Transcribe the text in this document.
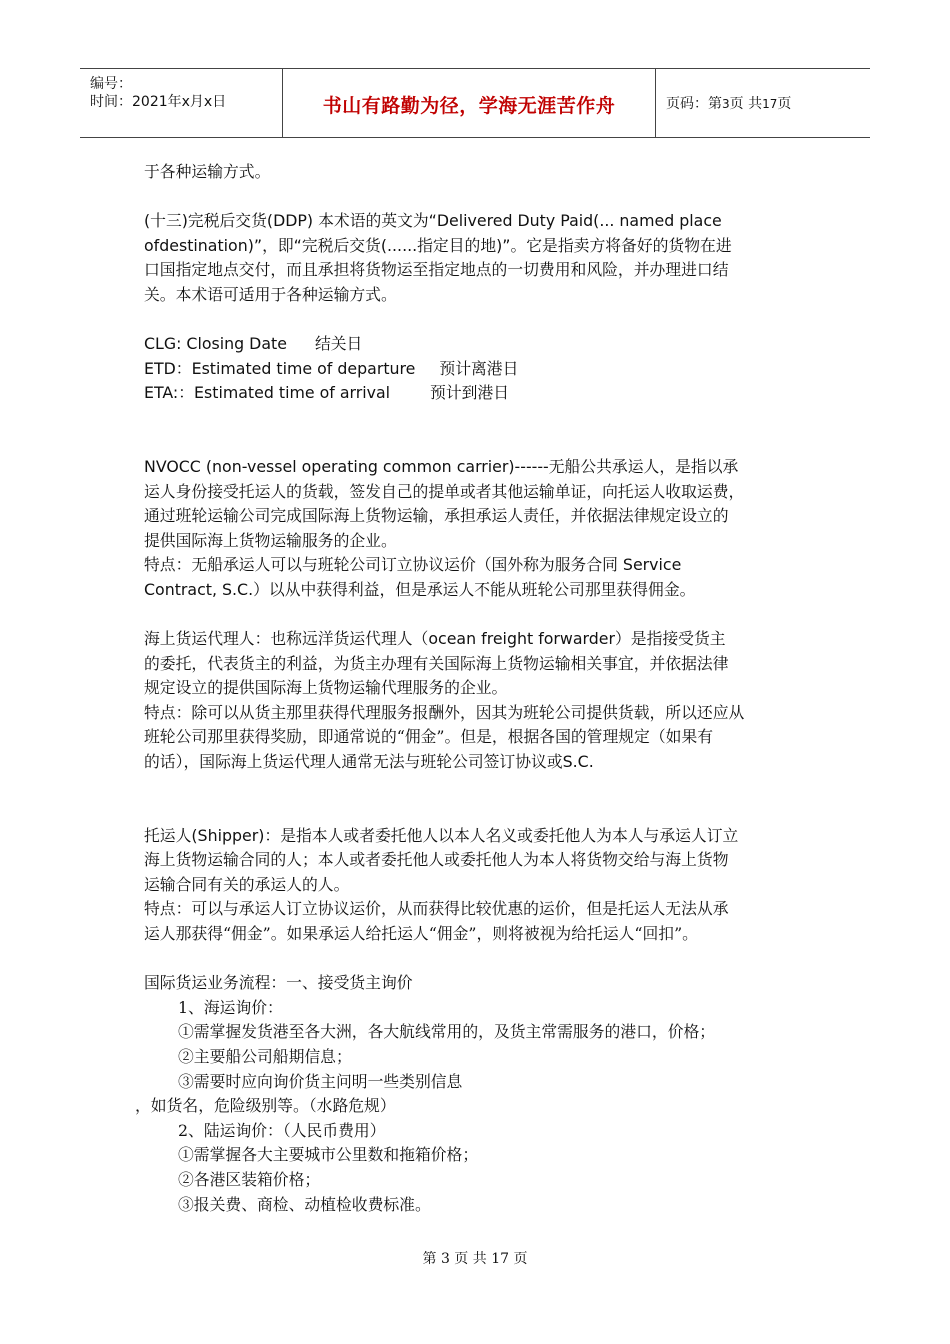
编号：
时间：2021年x月x日	书山有路勤为径，学海无涯苦作舟	页码：第3页 共17页
于各种运输方式。
(十三)完税后交货(DDP) 本术语的英文为“Delivered Duty Paid(... named place
ofdestination)”，即“完税后交货(......指定目的地)”。它是指卖方将备好的货物在进
口国指定地点交付，而且承担将货物运至指定地点的一切费用和风险，并办理进口结
关。本术语可适用于各种运输方式。
CLG: Closing Date 结关日
ETD：Estimated time of departure 预计离港日
ETA:：Estimated time of arrival	预计到港日
NVOCC (non-vessel operating common carrier)------无船公共承运人，是指以承
运人身份接受托运人的货载，签发自己的提单或者其他运输单证，向托运人收取运费，
通过班轮运输公司完成国际海上货物运输，承担承运人责任，并依据法律规定设立的
提供国际海上货物运输服务的企业。
特点：无船承运人可以与班轮公司订立协议运价（国外称为服务合同 Service
Contract, S.C.）以从中获得利益，但是承运人不能从班轮公司那里获得佣金。
海上货运代理人：也称远洋货运代理人（ocean freight forwarder）是指接受货主
的委托，代表货主的利益，为货主办理有关国际海上货物运输相关事宜，并依据法律
规定设立的提供国际海上货物运输代理服务的企业。
特点：除可以从货主那里获得代理服务报酬外，因其为班轮公司提供货载，所以还应从
班轮公司那里获得奖励，即通常说的“佣金”。但是，根据各国的管理规定（如果有
的话），国际海上货运代理人通常无法与班轮公司签订协议或S.C.
托运人(Shipper)：是指本人或者委托他人以本人名义或委托他人为本人与承运人订立
海上货物运输合同的人；本人或者委托他人或委托他人为本人将货物交给与海上货物
运输合同有关的承运人的人。
特点：可以与承运人订立协议运价，从而获得比较优惠的运价，但是托运人无法从承
运人那获得“佣金”。如果承运人给托运人“佣金”，则将被视为给托运人“回扣”。
国际货运业务流程：一、接受货主询价
1、海运询价：
①需掌握发货港至各大洲，各大航线常用的，及货主常需服务的港口，价格；
②主要船公司船期信息；
③需要时应向询价货主问明一些类别信息
，如货名，危险级别等。（水路危规）
2、陆运询价：（人民币费用）
①需掌握各大主要城市公里数和拖箱价格；
②各港区装箱价格；
③报关费、商检、动植检收费标准。
第 3 页 共 17 页
